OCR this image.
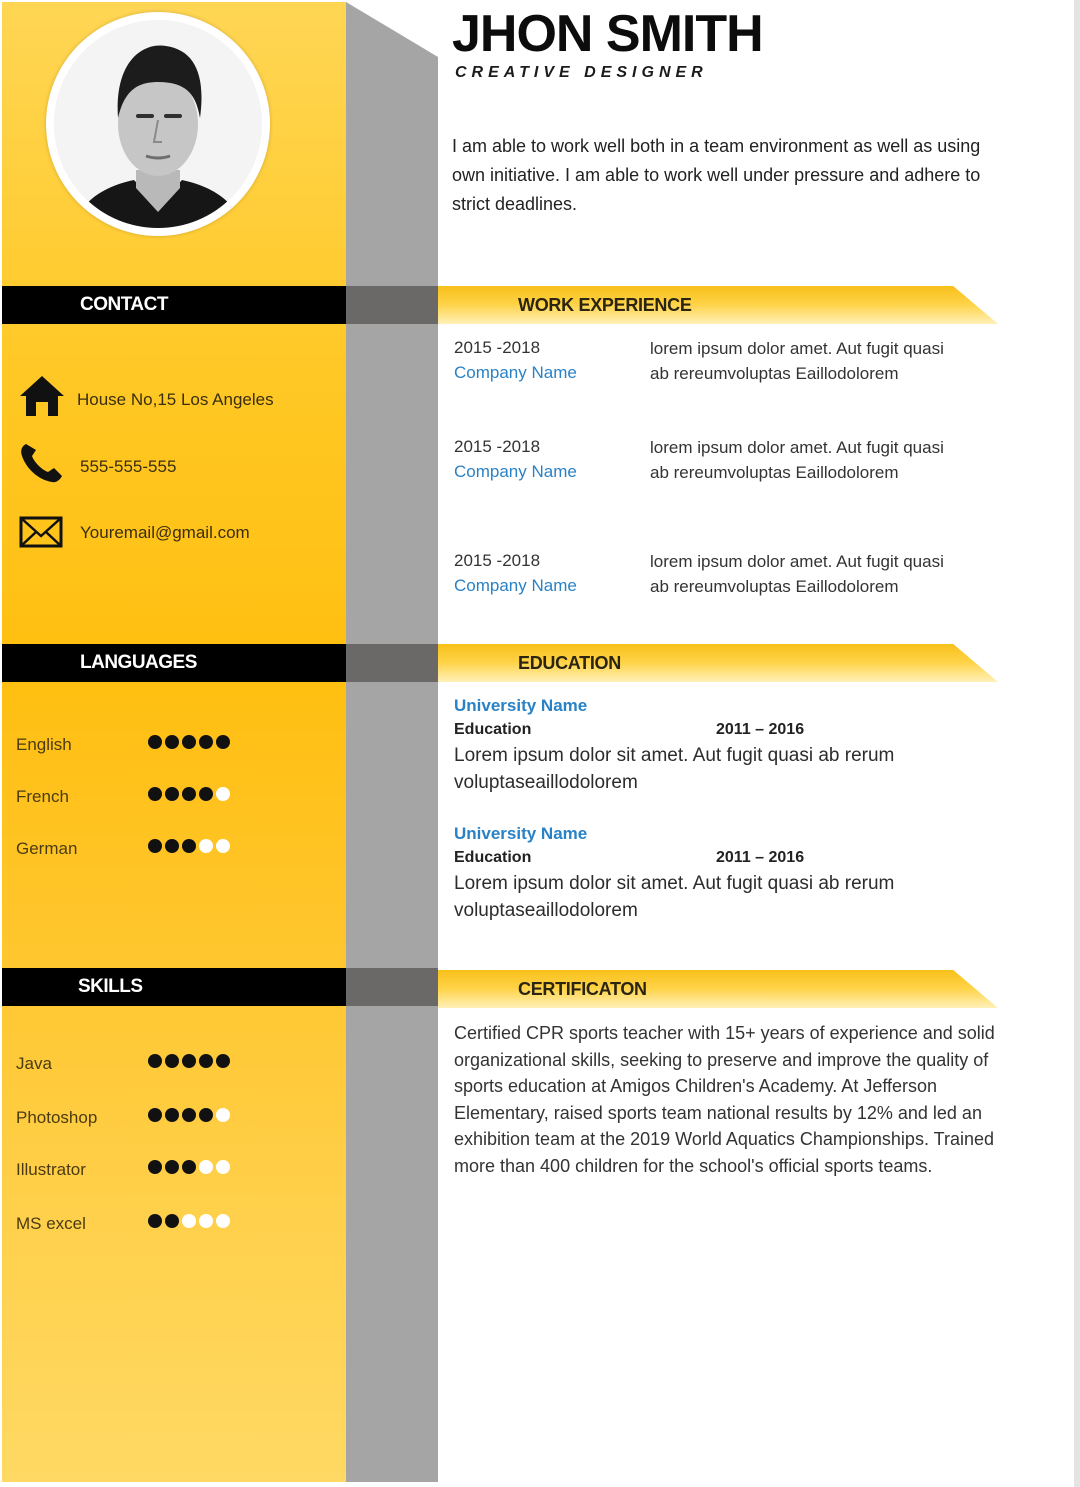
CONTACT
House No,15 Los Angeles
555-555-555
Youremail@gmail.com
LANGUAGES
English
French
German
SKILLS
Java
Photoshop
Illustrator
MS excel
JHON SMITH
CREATIVE DESIGNER
I am able to work well both in a team environment as well as using own initiative. I am able to work well under pressure and adhere to strict deadlines.
WORK EXPERIENCE
2015 -2018
Company Name
lorem ipsum dolor amet. Aut fugit quasi ab rereumvoluptas Eaillodolorem
2015 -2018
Company Name
lorem ipsum dolor amet. Aut fugit quasi ab rereumvoluptas Eaillodolorem
2015 -2018
Company Name
lorem ipsum dolor amet. Aut fugit quasi ab rereumvoluptas Eaillodolorem
EDUCATION
University Name
Education	2011 – 2016
Lorem ipsum dolor sit amet. Aut fugit quasi ab rerum voluptaseaillodolorem
University Name
Education	2011 – 2016
Lorem ipsum dolor sit amet. Aut fugit quasi ab rerum voluptaseaillodolorem
CERTIFICATON
Certified CPR sports teacher with 15+ years of experience and solid organizational skills, seeking to preserve and improve the quality of sports education at Amigos Children's Academy. At Jefferson Elementary, raised sports team national results by 12% and led an exhibition team at the 2019 World Aquatics Championships. Trained more than 400 children for the school's official sports teams.
